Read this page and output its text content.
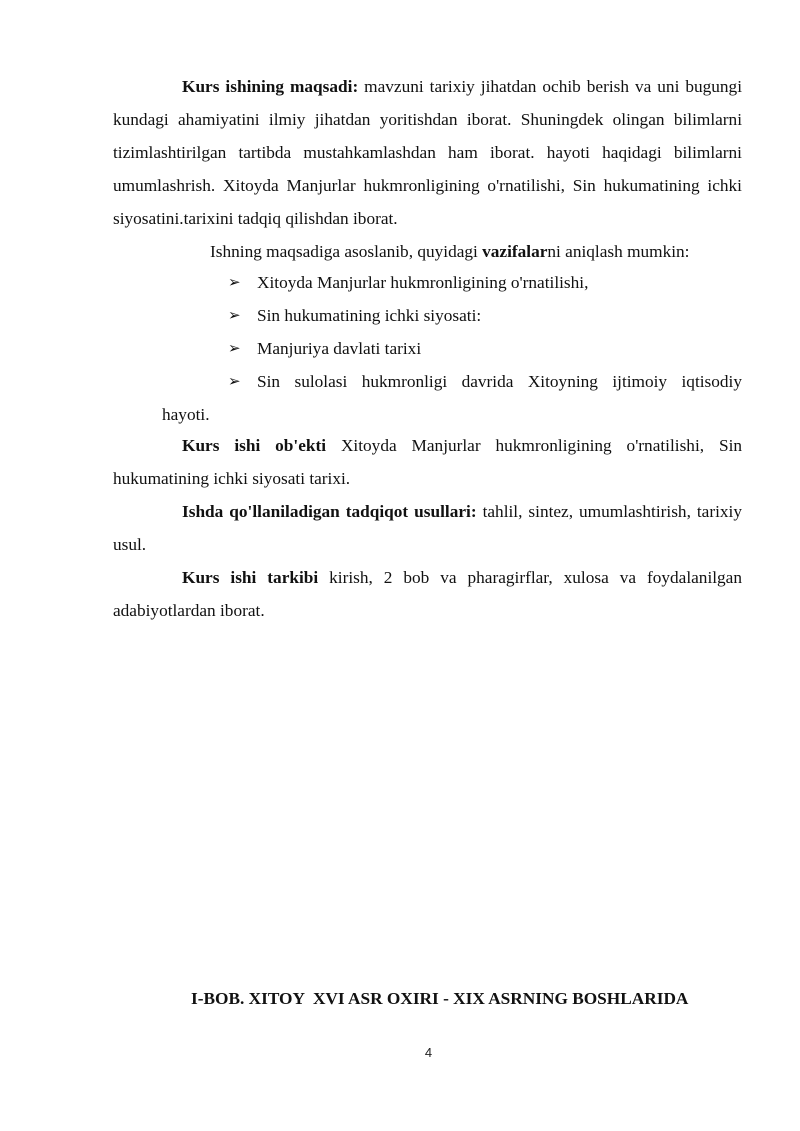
Kurs ishining maqsadi: mavzuni tarixiy jihatdan ochib berish va uni bugungi kundagi ahamiyatini ilmiy jihatdan yoritishdan iborat. Shuningdek olingan bilimlarni tizimlashtirilgan tartibda mustahkamlashdan ham iborat. hayoti haqidagi bilimlarni umumlashrish. Xitoyda Manjurlar hukmronligining o'rnatilishi, Sin hukumatining ichki siyosatini.tarixini tadqiq qilishdan iborat.

Ishning maqsadiga asoslanib, quyidagi vazifalarni aniqlash mumkin:

➢ Xitoyda Manjurlar hukmronligining o'rnatilishi,
➢ Sin hukumatining ichki siyosati:
➢ Manjuriya davlati tarixi
➢ Sin sulolasi hukmronligi davrida Xitoyning ijtimoiy iqtisodiy
hayoti.

Kurs ishi ob'ekti Xitoyda Manjurlar hukmronligining o'rnatilishi, Sin hukumatining ichki siyosati tarixi.

Ishda qo'llaniladigan tadqiqot usullari: tahlil, sintez, umumlashtirish, tarixiy usul.

Kurs ishi tarkibi kirish, 2 bob va pharagirflar, xulosa va foydalanilgan adabiyotlardan iborat.

I-BOB. XITOY  XVI ASR OXIRI - XIX ASRNING BOSHLARIDA

4
